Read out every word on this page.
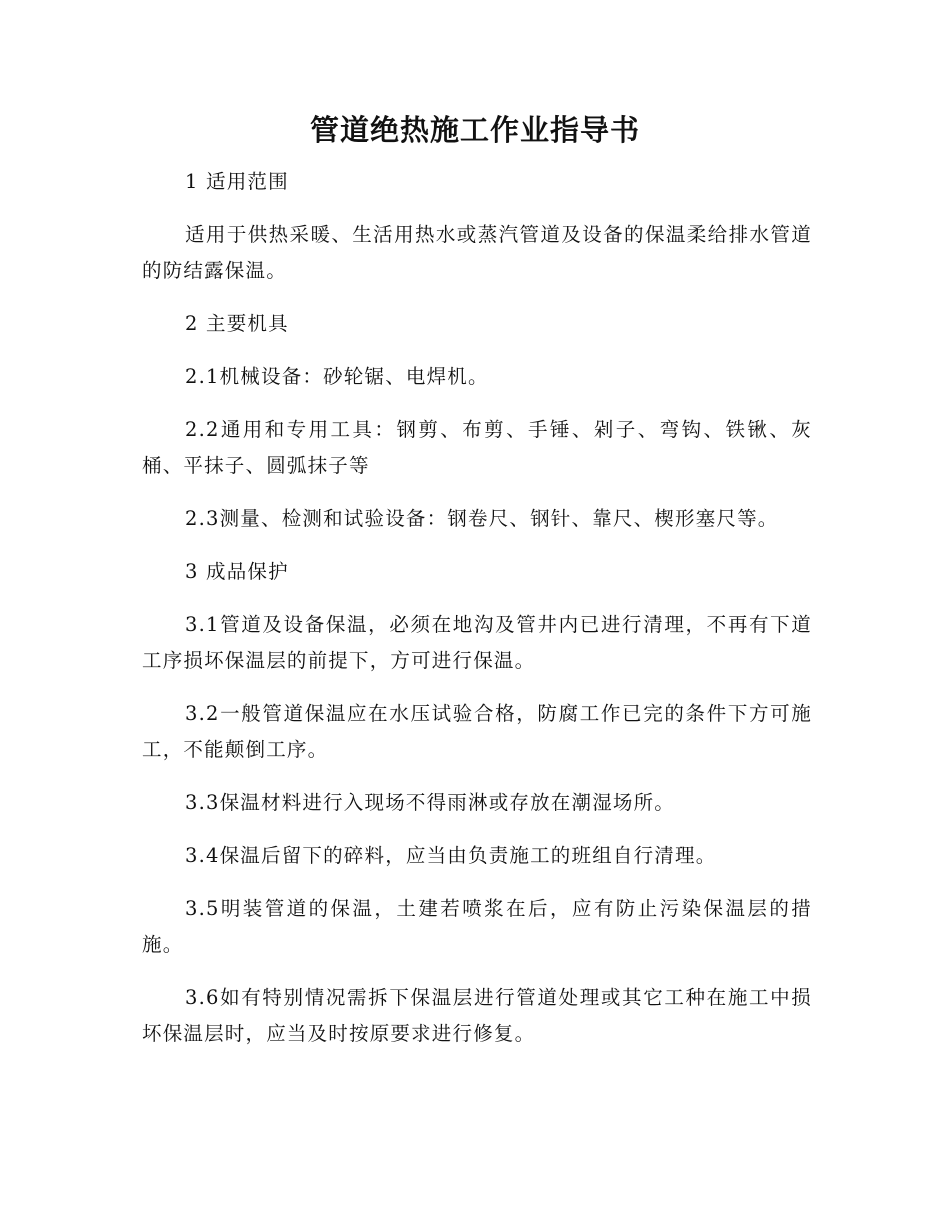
管道绝热施工作业指导书

1 适用范围

适用于供热采暖、生活用热水或蒸汽管道及设备的保温柔给排水管道的防结露保温。

2 主要机具

2.1机械设备：砂轮锯、电焊机。

2.2通用和专用工具：钢剪、布剪、手锤、剁子、弯钩、铁锹、灰桶、平抹子、圆弧抹子等

2.3测量、检测和试验设备：钢卷尺、钢针、靠尺、楔形塞尺等。

3 成品保护

3.1管道及设备保温，必须在地沟及管井内已进行清理，不再有下道工序损坏保温层的前提下，方可进行保温。

3.2一般管道保温应在水压试验合格，防腐工作已完的条件下方可施工，不能颠倒工序。

3.3保温材料进行入现场不得雨淋或存放在潮湿场所。

3.4保温后留下的碎料，应当由负责施工的班组自行清理。

3.5明装管道的保温，土建若喷浆在后，应有防止污染保温层的措施。

3.6如有特别情况需拆下保温层进行管道处理或其它工种在施工中损坏保温层时，应当及时按原要求进行修复。
